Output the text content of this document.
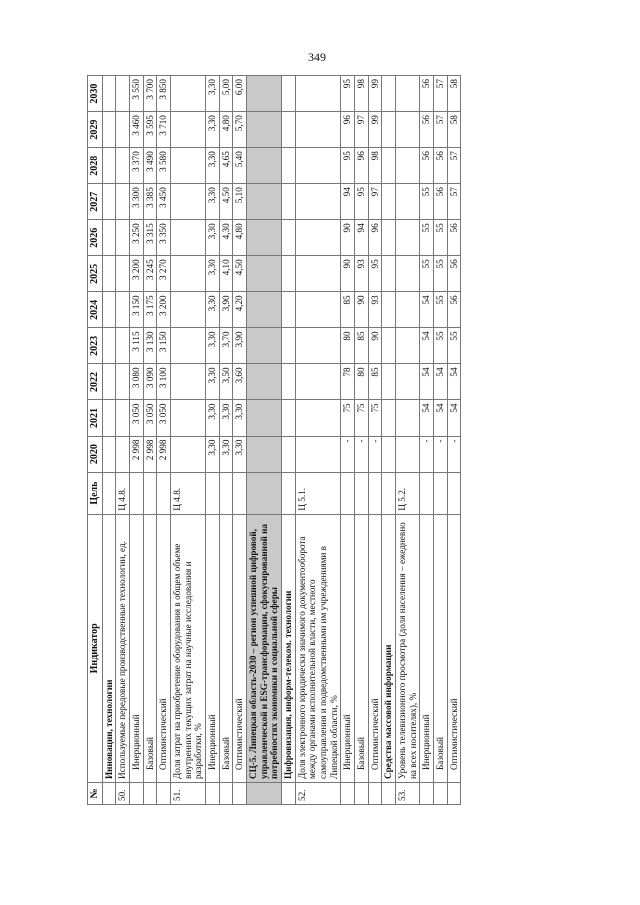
349
№	Индикатор	Цель	2020	2021	2022	2023	2024	2025	2026	2027	2028	2029	2030
	Инновации, технологии												
50.	Используемые передовые производственные технологии, ед.	Ц 4.8.											
	Инерционный		2 998	3 050	3 080	3 115	3 150	3 200	3 250	3 300	3 370	3 460	3 550
	Базовый		2 998	3 050	3 090	3 130	3 175	3 245	3 315	3 385	3 490	3 595	3 700
	Оптимистический		2 998	3 050	3 100	3 150	3 200	3 270	3 350	3 450	3 580	3 710	3 850
51.	Доля затрат на приобретение оборудования в общем объеме внутренних текущих затрат на научные исследования и разработки, %	Ц 4.8.											
	Инерционный		3,30	3,30	3,30	3,30	3,30	3,30	3,30	3,30	3,30	3,30	3,30
	Базовый		3,30	3,30	3,50	3,70	3,90	4,10	4,30	4,50	4,65	4,80	5,00
	Оптимистический		3,30	3,30	3,60	3,90	4,20	4,50	4,80	5,10	5,40	5,70	6,00
	СЦ-5. Липецкая область-2030 – регион успешной цифровой, управленческой и ESG-трансформации, сфокусированной на потребностях экономики и социальной сферы												
	Цифровизация, информ-телеком. технологии												
52.	Доля электронного юридически значимого документооборота между органами исполнительной власти, местного самоуправления и подведомственными им учреждениями в Липецкой области, %	Ц 5.1.											
	Инерционный		-	75	78	80	85	90	90	94	95	96	95
	Базовый		-	75	80	85	90	93	94	95	96	97	98
	Оптимистический		-	75	85	90	93	95	96	97	98	99	99
	Средства массовой информации												
53.	Уровень телевизионного просмотра (доля населения – ежедневно на всех носителях), %	Ц 5.2.											
	Инерционный		-	54	54	54	54	55	55	55	56	56	56
	Базовый		-	54	54	55	55	55	55	56	56	57	57
	Оптимистический		-	54	54	55	56	56	56	57	57	58	58
